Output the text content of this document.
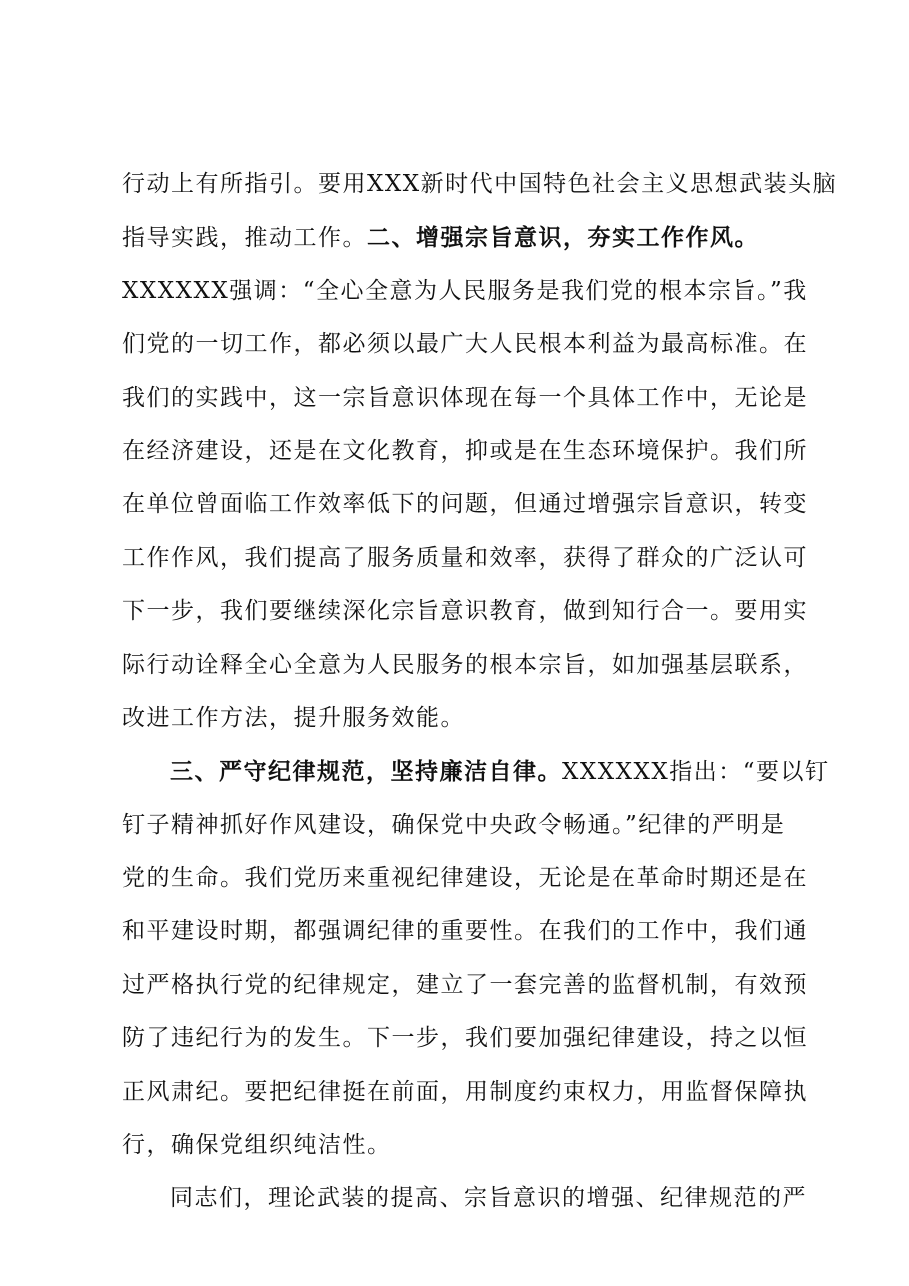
行动上有所指引。要用XXX新时代中国特色社会主义思想武装头脑
指导实践，推动工作。二、增强宗旨意识，夯实工作作风。
XXXXXX强调：“全心全意为人民服务是我们党的根本宗旨。”我
们党的一切工作，都必须以最广大人民根本利益为最高标准。在
我们的实践中，这一宗旨意识体现在每一个具体工作中，无论是
在经济建设，还是在文化教育，抑或是在生态环境保护。我们所
在单位曾面临工作效率低下的问题，但通过增强宗旨意识，转变
工作作风，我们提高了服务质量和效率，获得了群众的广泛认可
下一步，我们要继续深化宗旨意识教育，做到知行合一。要用实
际行动诠释全心全意为人民服务的根本宗旨，如加强基层联系，
改进工作方法，提升服务效能。
三、严守纪律规范，坚持廉洁自律。XXXXXX指出：“要以钉
钉子精神抓好作风建设，确保党中央政令畅通。”纪律的严明是
党的生命。我们党历来重视纪律建设，无论是在革命时期还是在
和平建设时期，都强调纪律的重要性。在我们的工作中，我们通
过严格执行党的纪律规定，建立了一套完善的监督机制，有效预
防了违纪行为的发生。下一步，我们要加强纪律建设，持之以恒
正风肃纪。要把纪律挺在前面，用制度约束权力，用监督保障执
行，确保党组织纯洁性。
同志们，理论武装的提高、宗旨意识的增强、纪律规范的严
